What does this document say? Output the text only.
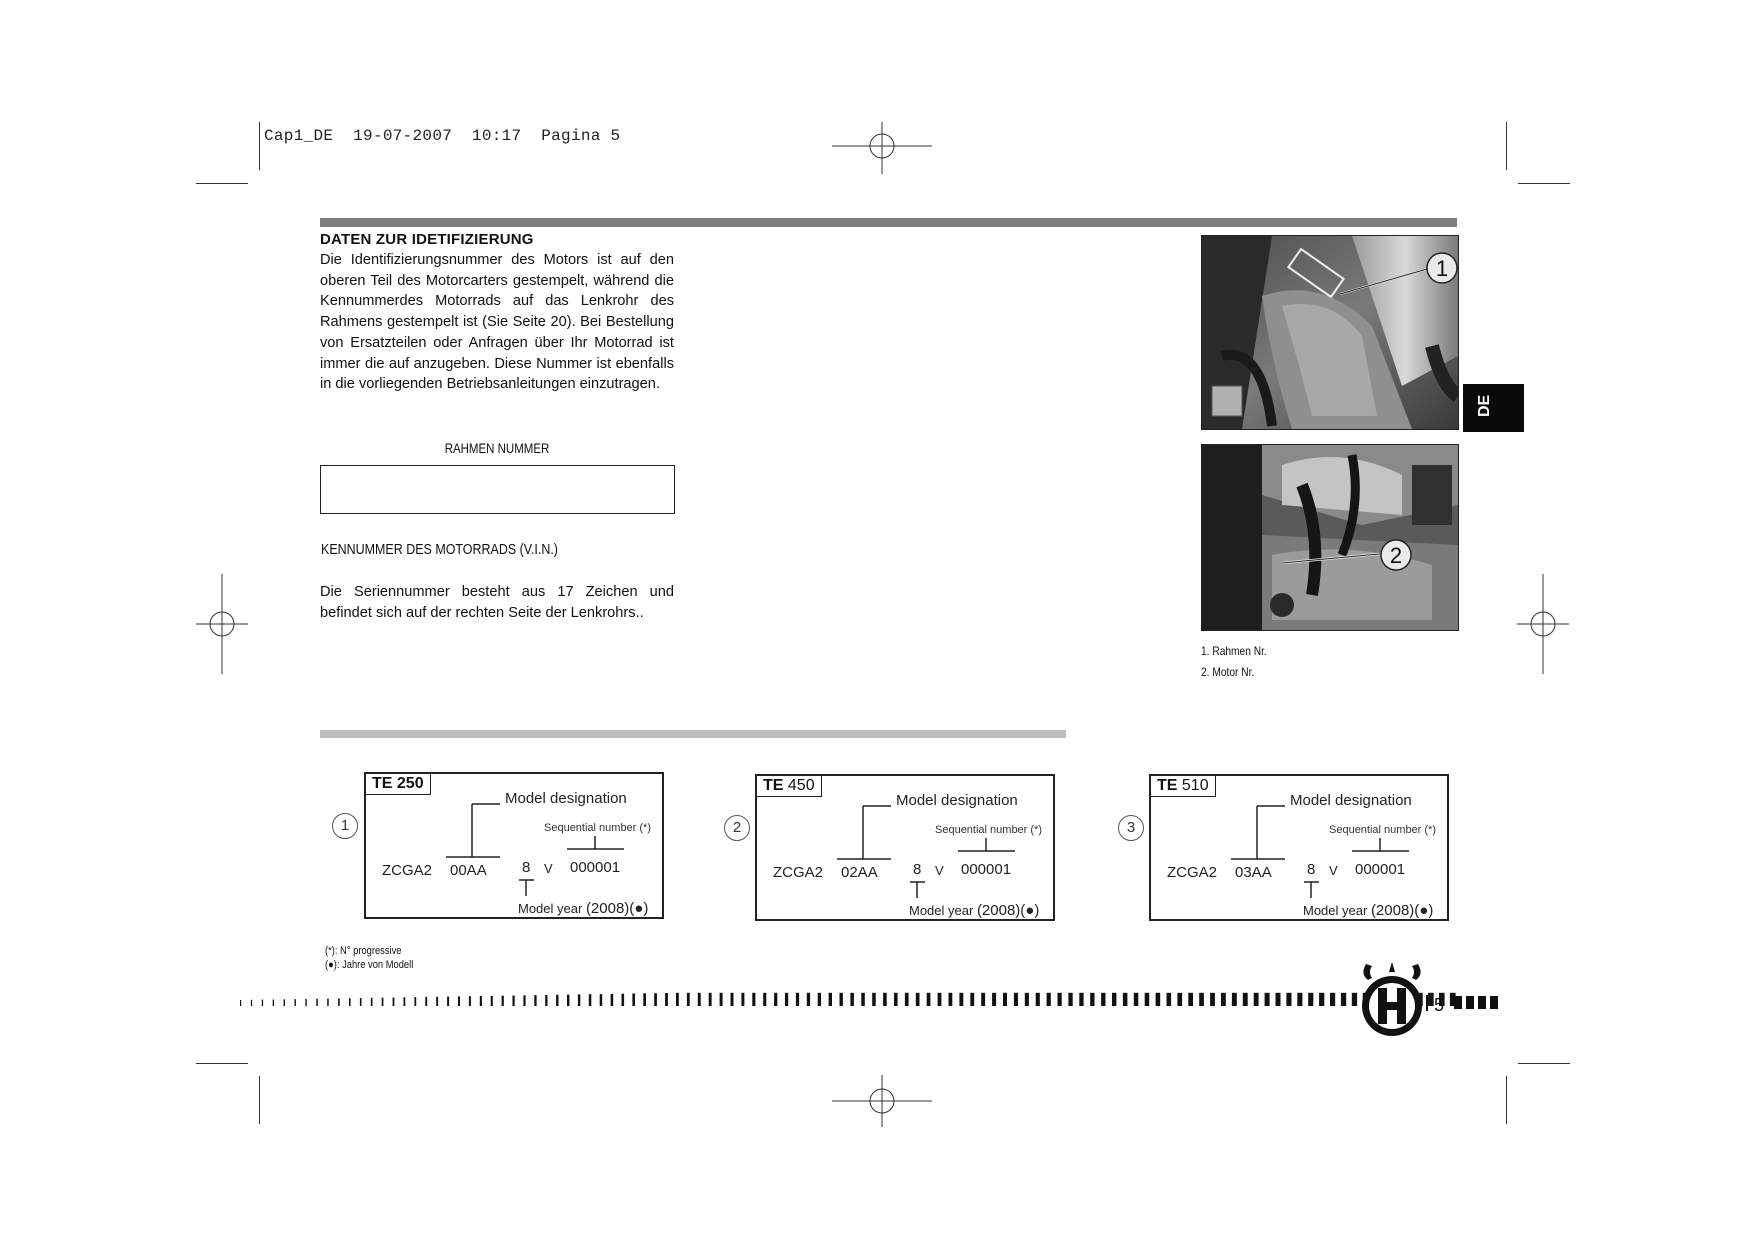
Cap1_DE  19-07-2007  10:17  Pagina 5
DATEN ZUR IDETIFIZIERUNG
Die Identifizierungsnummer des Motors ist auf den oberen Teil des Motorcarters gestempelt, während die Kennummerdes Motorrads auf das Lenkrohr des Rahmens gestempelt ist (Sie Seite 20). Bei Bestellung von Ersatzteilen oder Anfragen über Ihr Motorrad ist immer die auf anzugeben. Diese Nummer ist ebenfalls in die vorliegenden Betriebsanleitungen einzutragen.
RAHMEN NUMMER
KENNUMMER DES MOTORRADS (V.I.N.)
Die Seriennummer besteht aus 17 Zeichen und befindet sich auf der rechten Seite der Lenkrohrs..
1
DE
2
1. Rahmen Nr.
2. Motor Nr.
1
TE 250
Model designation
Sequential number (*)
ZCGA2 00AA 8 V 000001
Model year (2008)(●)
2
TE 450
Model designation
Sequential number (*)
ZCGA2 02AA 8 V 000001
Model year (2008)(●)
3
TE 510
Model designation
Sequential number (*)
ZCGA2 03AA 8 V 000001
Model year (2008)(●)
(*): N° progressive
(●): Jahre von Modell
5
